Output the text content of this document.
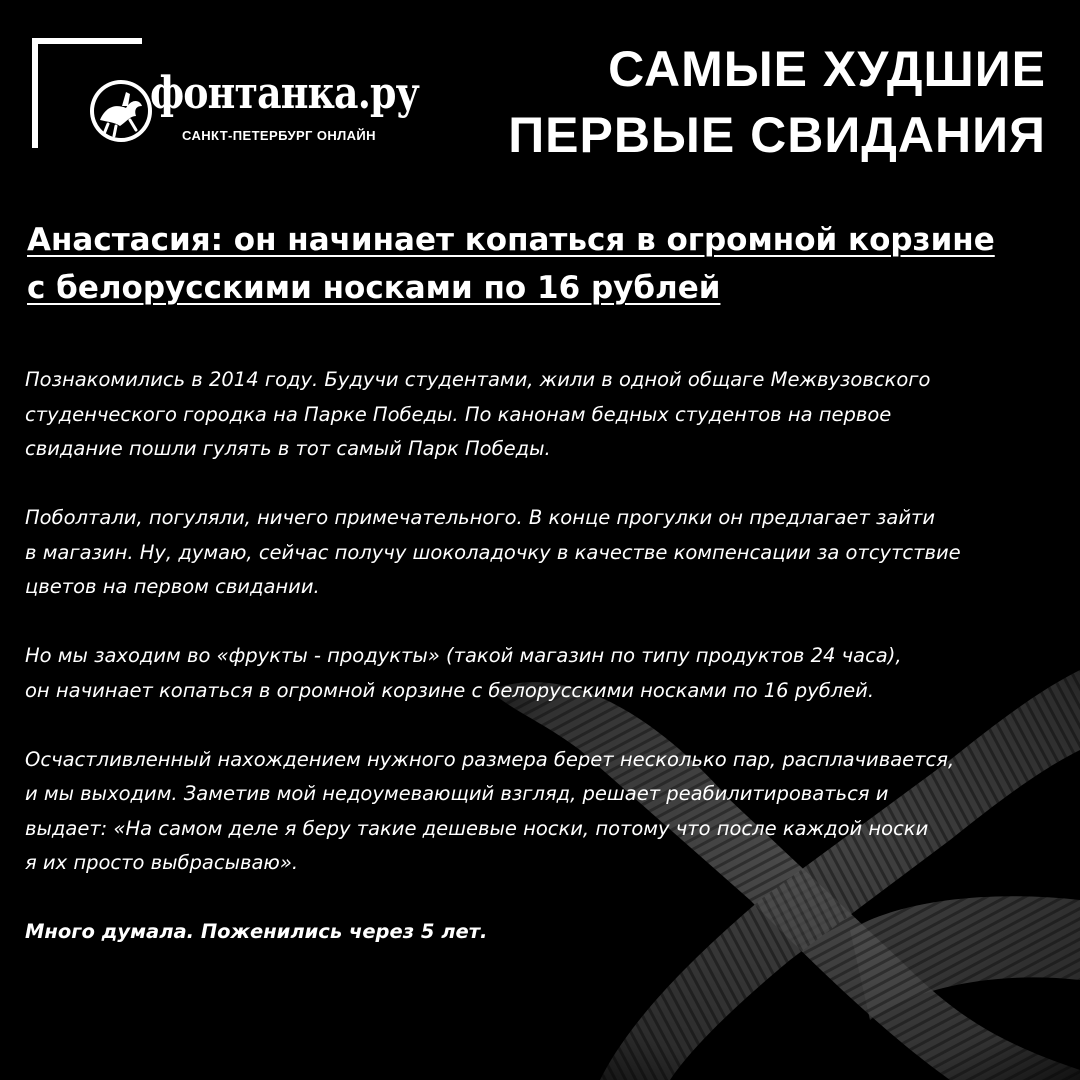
фонтанка.ру
САНКТ-ПЕТЕРБУРГ ОНЛАЙН
САМЫЕ ХУДШИЕ
ПЕРВЫЕ СВИДАНИЯ
Анастасия: он начинает копаться в огромной корзине
с белорусскими носками по 16 рублей

Познакомились в 2014 году. Будучи студентами, жили в одной общаге Межвузовского
студенческого городка на Парке Победы. По канонам бедных студентов на первое
свидание пошли гулять в тот самый Парк Победы.

Поболтали, погуляли, ничего примечательного. В конце прогулки он предлагает зайти
в магазин. Ну, думаю, сейчас получу шоколадочку в качестве компенсации за отсутствие
цветов на первом свидании.

Но мы заходим во «фрукты - продукты» (такой магазин по типу продуктов 24 часа),
он начинает копаться в огромной корзине с белорусскими носками по 16 рублей.

Осчастливленный нахождением нужного размера берет несколько пар, расплачивается,
и мы выходим. Заметив мой недоумевающий взгляд, решает реабилитироваться и
выдает: «На самом деле я беру такие дешевые носки, потому что после каждой носки
я их просто выбрасываю».

Много думала. Поженились через 5 лет.
